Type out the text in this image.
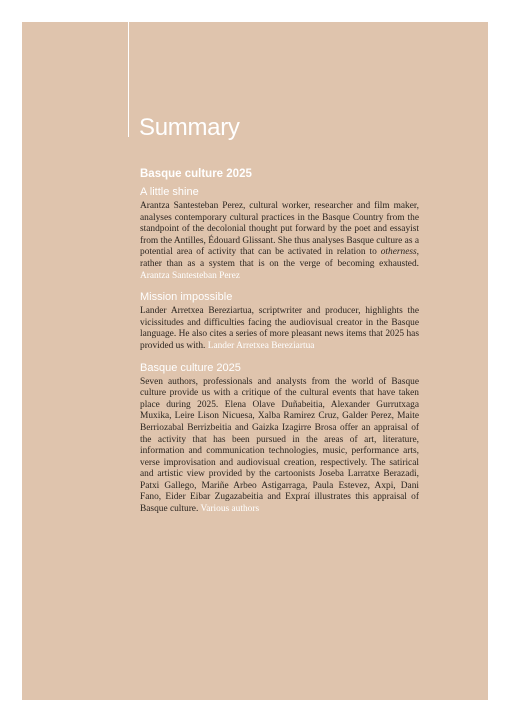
Summary
Basque culture 2025
A little shine

Arantza Santesteban Perez, cultural worker, researcher and film maker, analyses contemporary cultural practices in the Basque Country from the standpoint of the decolonial thought put forward by the poet and essayist from the Antilles, Édouard Glissant. She thus analyses Basque culture as a potential area of activity that can be activated in relation to otherness, rather than as a system that is on the verge of becoming exhausted. Arantza Santesteban Perez

Mission impossible

Lander Arretxea Bereziartua, scriptwriter and producer, highlights the vicissitudes and difficulties facing the audiovisual creator in the Basque language. He also cites a series of more pleasant news items that 2025 has provided us with. Lander Arretxea Bereziartua

Basque culture 2025

Seven authors, professionals and analysts from the world of Basque culture provide us with a critique of the cultural events that have taken place during 2025. Elena Olave Duñabeitia, Alexander Gurrutxaga Muxika, Leire Lison Nicuesa, Xalba Ramirez Cruz, Galder Perez, Maite Berriozabal Berrizbeitia and Gaizka Izagirre Brosa offer an appraisal of the activity that has been pursued in the areas of art, literature, information and communication technologies, music, performance arts, verse improvisation and audiovisual creation, respectively. The satirical and artistic view provided by the cartoonists Joseba Larratxe Berazadi, Patxi Gallego, Mariñe Arbeo Astigarraga, Paula Estevez, Axpi, Dani Fano, Eider Eibar Zugazabeitia and Expraí illustrates this appraisal of Basque culture. Various authors
